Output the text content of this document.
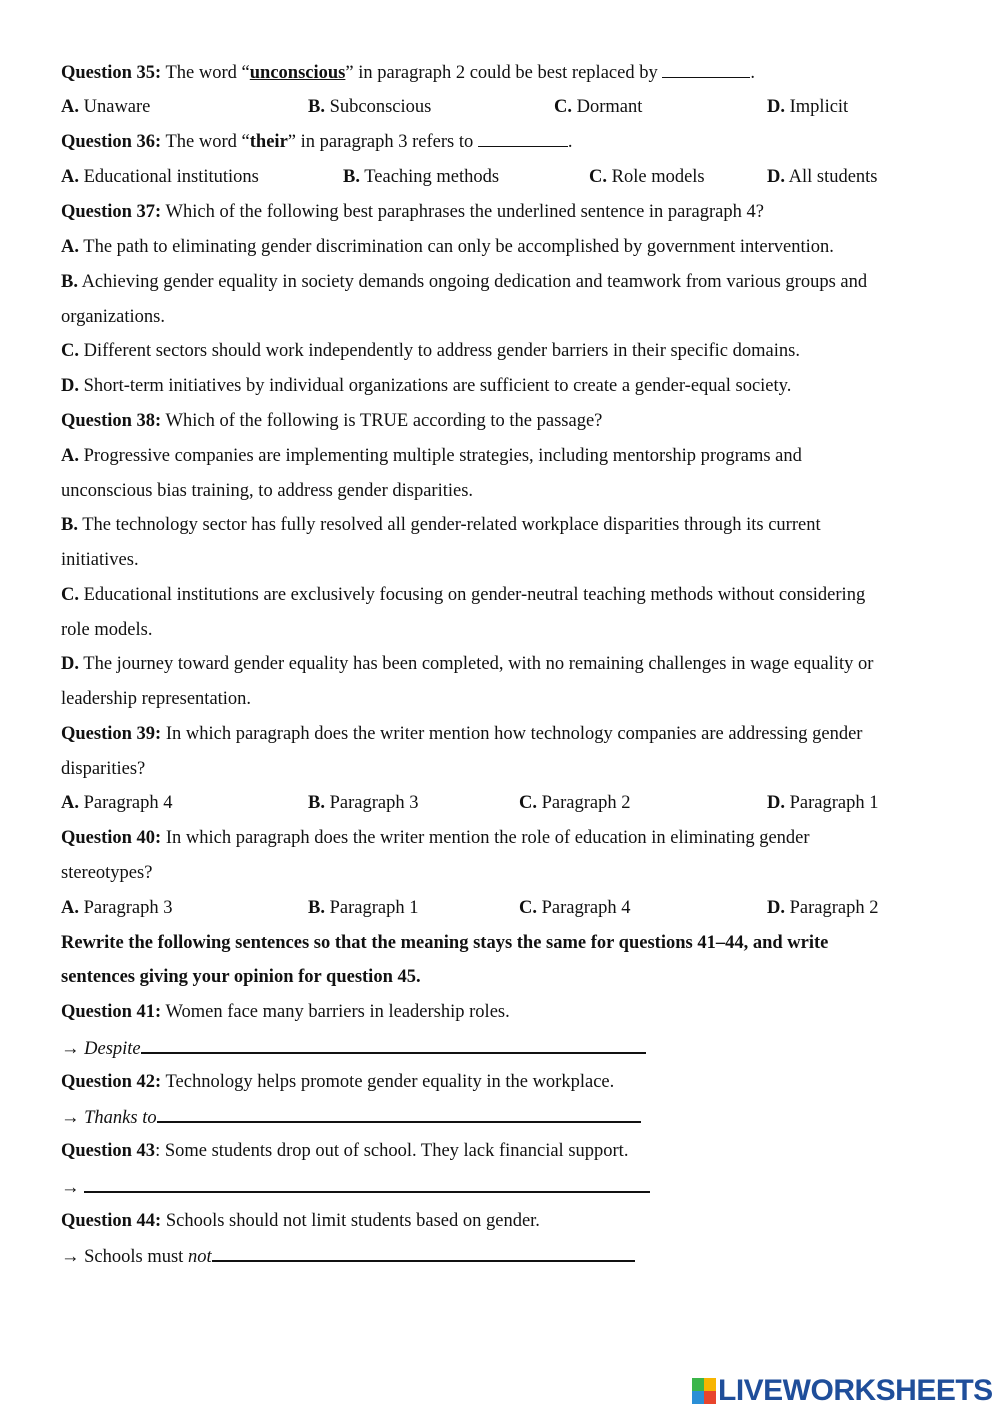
Question 35: The word “unconscious” in paragraph 2 could be best replaced by	.
A. Unaware	B. Subconscious	C. Dormant	D. Implicit
Question 36: The word “their” in paragraph 3 refers to	.
A. Educational institutions	B. Teaching methods	C. Role models	D. All students
Question 37: Which of the following best paraphrases the underlined sentence in paragraph 4?
A. The path to eliminating gender discrimination can only be accomplished by government intervention.
B. Achieving gender equality in society demands ongoing dedication and teamwork from various groups and
organizations.
C. Different sectors should work independently to address gender barriers in their specific domains.
D. Short-term initiatives by individual organizations are sufficient to create a gender-equal society.
Question 38: Which of the following is TRUE according to the passage?
A. Progressive companies are implementing multiple strategies, including mentorship programs and
unconscious bias training, to address gender disparities.
B. The technology sector has fully resolved all gender-related workplace disparities through its current
initiatives.
C. Educational institutions are exclusively focusing on gender-neutral teaching methods without considering
role models.
D. The journey toward gender equality has been completed, with no remaining challenges in wage equality or
leadership representation.
Question 39: In which paragraph does the writer mention how technology companies are addressing gender
disparities?
A. Paragraph 4	B. Paragraph 3	C. Paragraph 2	D. Paragraph 1
Question 40: In which paragraph does the writer mention the role of education in eliminating gender
stereotypes?
A. Paragraph 3	B. Paragraph 1	C. Paragraph 4	D. Paragraph 2
Rewrite the following sentences so that the meaning stays the same for questions 41–44, and write
sentences giving your opinion for question 45.
Question 41: Women face many barriers in leadership roles.
→ Despite
Question 42: Technology helps promote gender equality in the workplace.
→ Thanks to
Question 43: Some students drop out of school. They lack financial support.
→
Question 44: Schools should not limit students based on gender.
→ Schools must not
LIVEWORKSHEETS
